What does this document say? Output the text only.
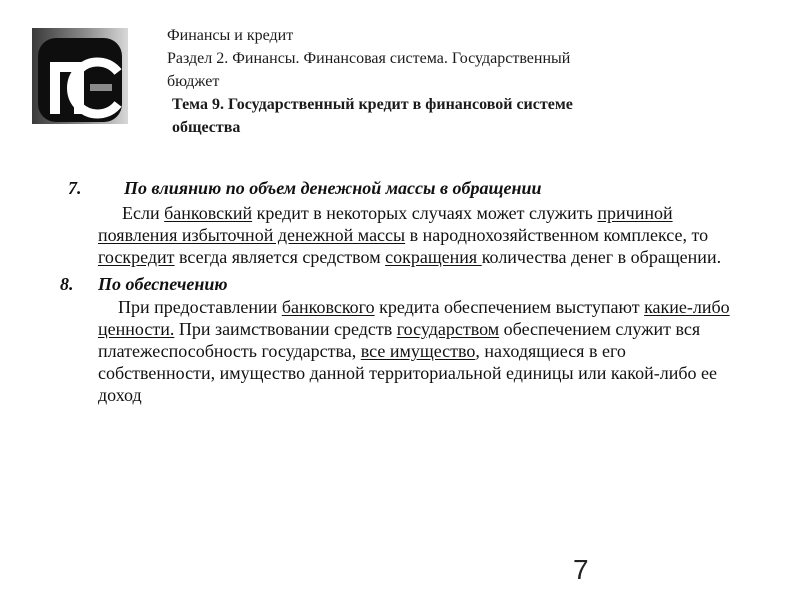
Финансы и кредит
Раздел 2. Финансы. Финансовая система. Государственный
бюджет
Тема 9. Государственный кредит в финансовой системе
общества
7.	По влиянию по объем денежной массы в обращении
Если банковский кредит в некоторых случаях может служить причиной появления избыточной денежной массы в народнохозяйственном комплексе, то госкредит всегда является средством сокращения количества денег в обращении.
8.	По обеспечению
При предоставлении банковского кредита обеспечением выступают какие-либо ценности. При заимствовании средств государством обеспечением служит вся платежеспособность государства, все имущество, находящиеся в его собственности, имущество данной территориальной единицы или какой-либо ее доход
7
